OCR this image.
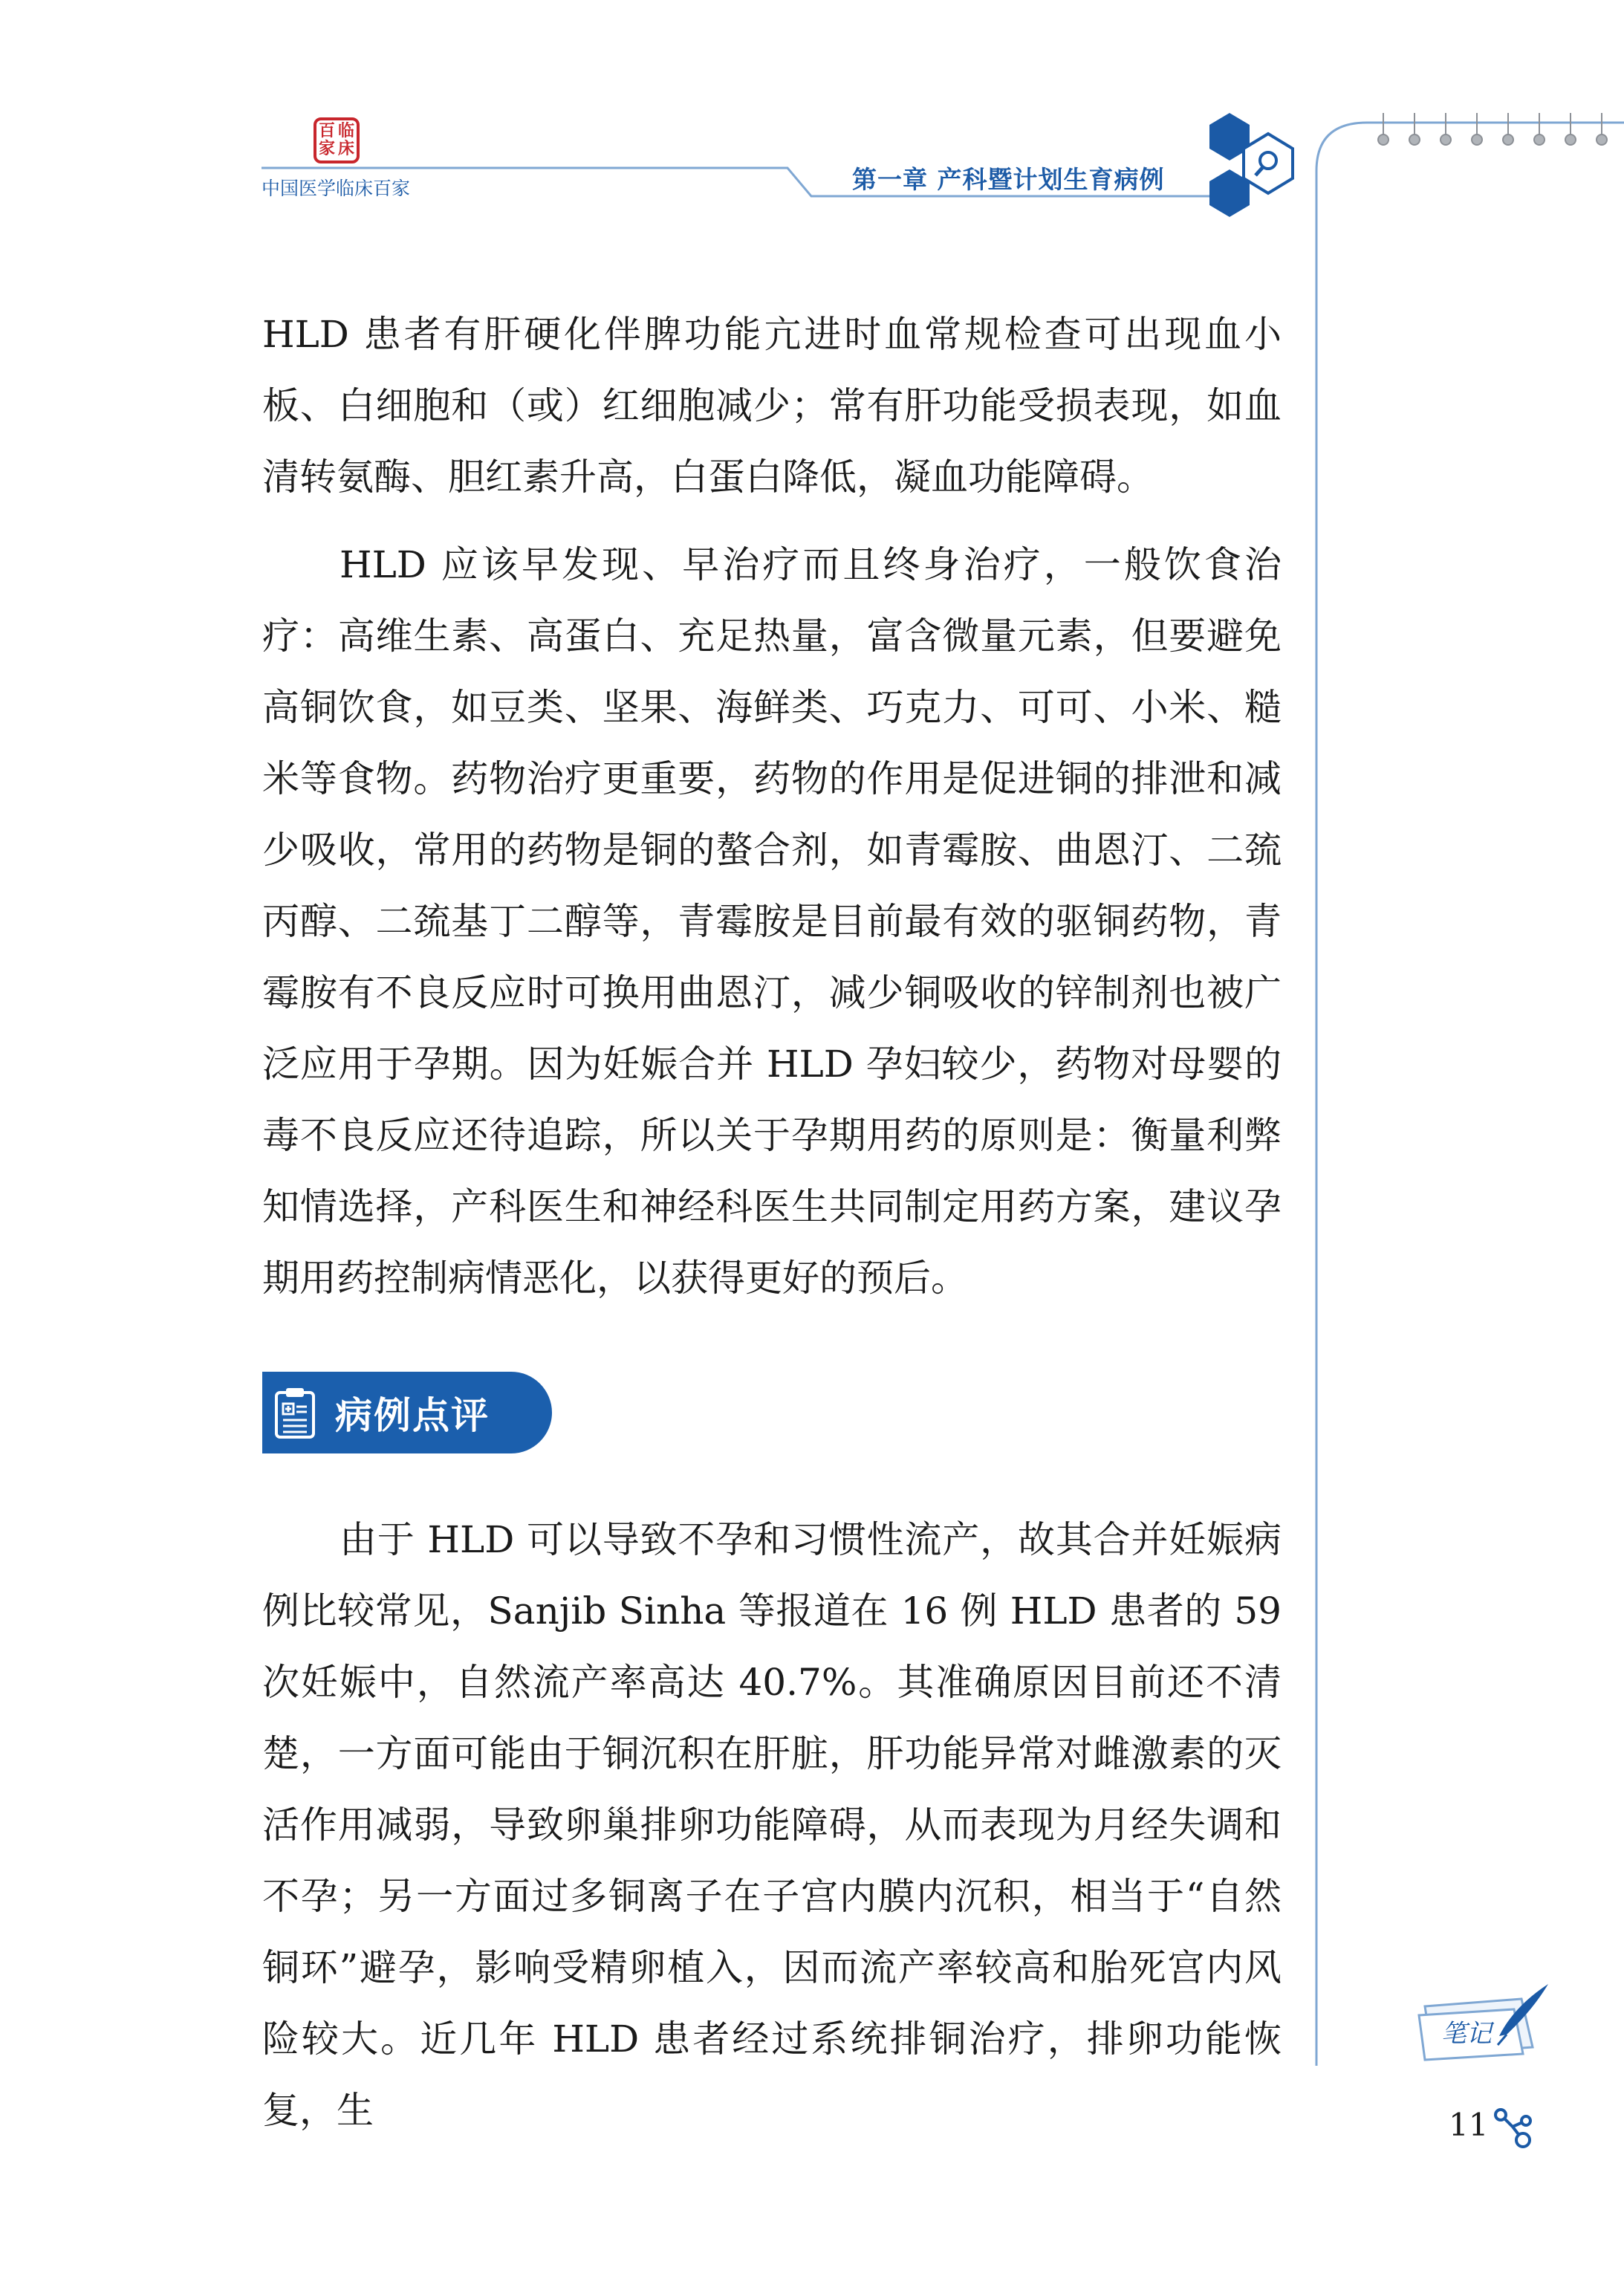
百 临
家 床
中国医学临床百家	第一章 产科暨计划生育病例

HLD 患者有肝硬化伴脾功能亢进时血常规检查可出现血小板、白细胞和（或）红细胞减少；常有肝功能受损表现，如血清转氨酶、胆红素升高，白蛋白降低，凝血功能障碍。

HLD 应该早发现、早治疗而且终身治疗，一般饮食治疗：高维生素、高蛋白、充足热量，富含微量元素，但要避免高铜饮食，如豆类、坚果、海鲜类、巧克力、可可、小米、糙米等食物。药物治疗更重要，药物的作用是促进铜的排泄和减少吸收，常用的药物是铜的螯合剂，如青霉胺、曲恩汀、二巯丙醇、二巯基丁二醇等，青霉胺是目前最有效的驱铜药物，青霉胺有不良反应时可换用曲恩汀，减少铜吸收的锌制剂也被广泛应用于孕期。因为妊娠合并 HLD 孕妇较少，药物对母婴的毒不良反应还待追踪，所以关于孕期用药的原则是：衡量利弊知情选择，产科医生和神经科医生共同制定用药方案，建议孕期用药控制病情恶化，以获得更好的预后。

病例点评

由于 HLD 可以导致不孕和习惯性流产，故其合并妊娠病例比较常见，Sanjib Sinha 等报道在 16 例 HLD 患者的 59 次妊娠中，自然流产率高达 40.7%。其准确原因目前还不清楚，一方面可能由于铜沉积在肝脏，肝功能异常对雌激素的灭活作用减弱，导致卵巢排卵功能障碍，从而表现为月经失调和不孕；另一方面过多铜离子在子宫内膜内沉积，相当于“自然铜环”避孕，影响受精卵植入，因而流产率较高和胎死宫内风险较大。近几年 HLD 患者经过系统排铜治疗，排卵功能恢复，生

笔记
11
